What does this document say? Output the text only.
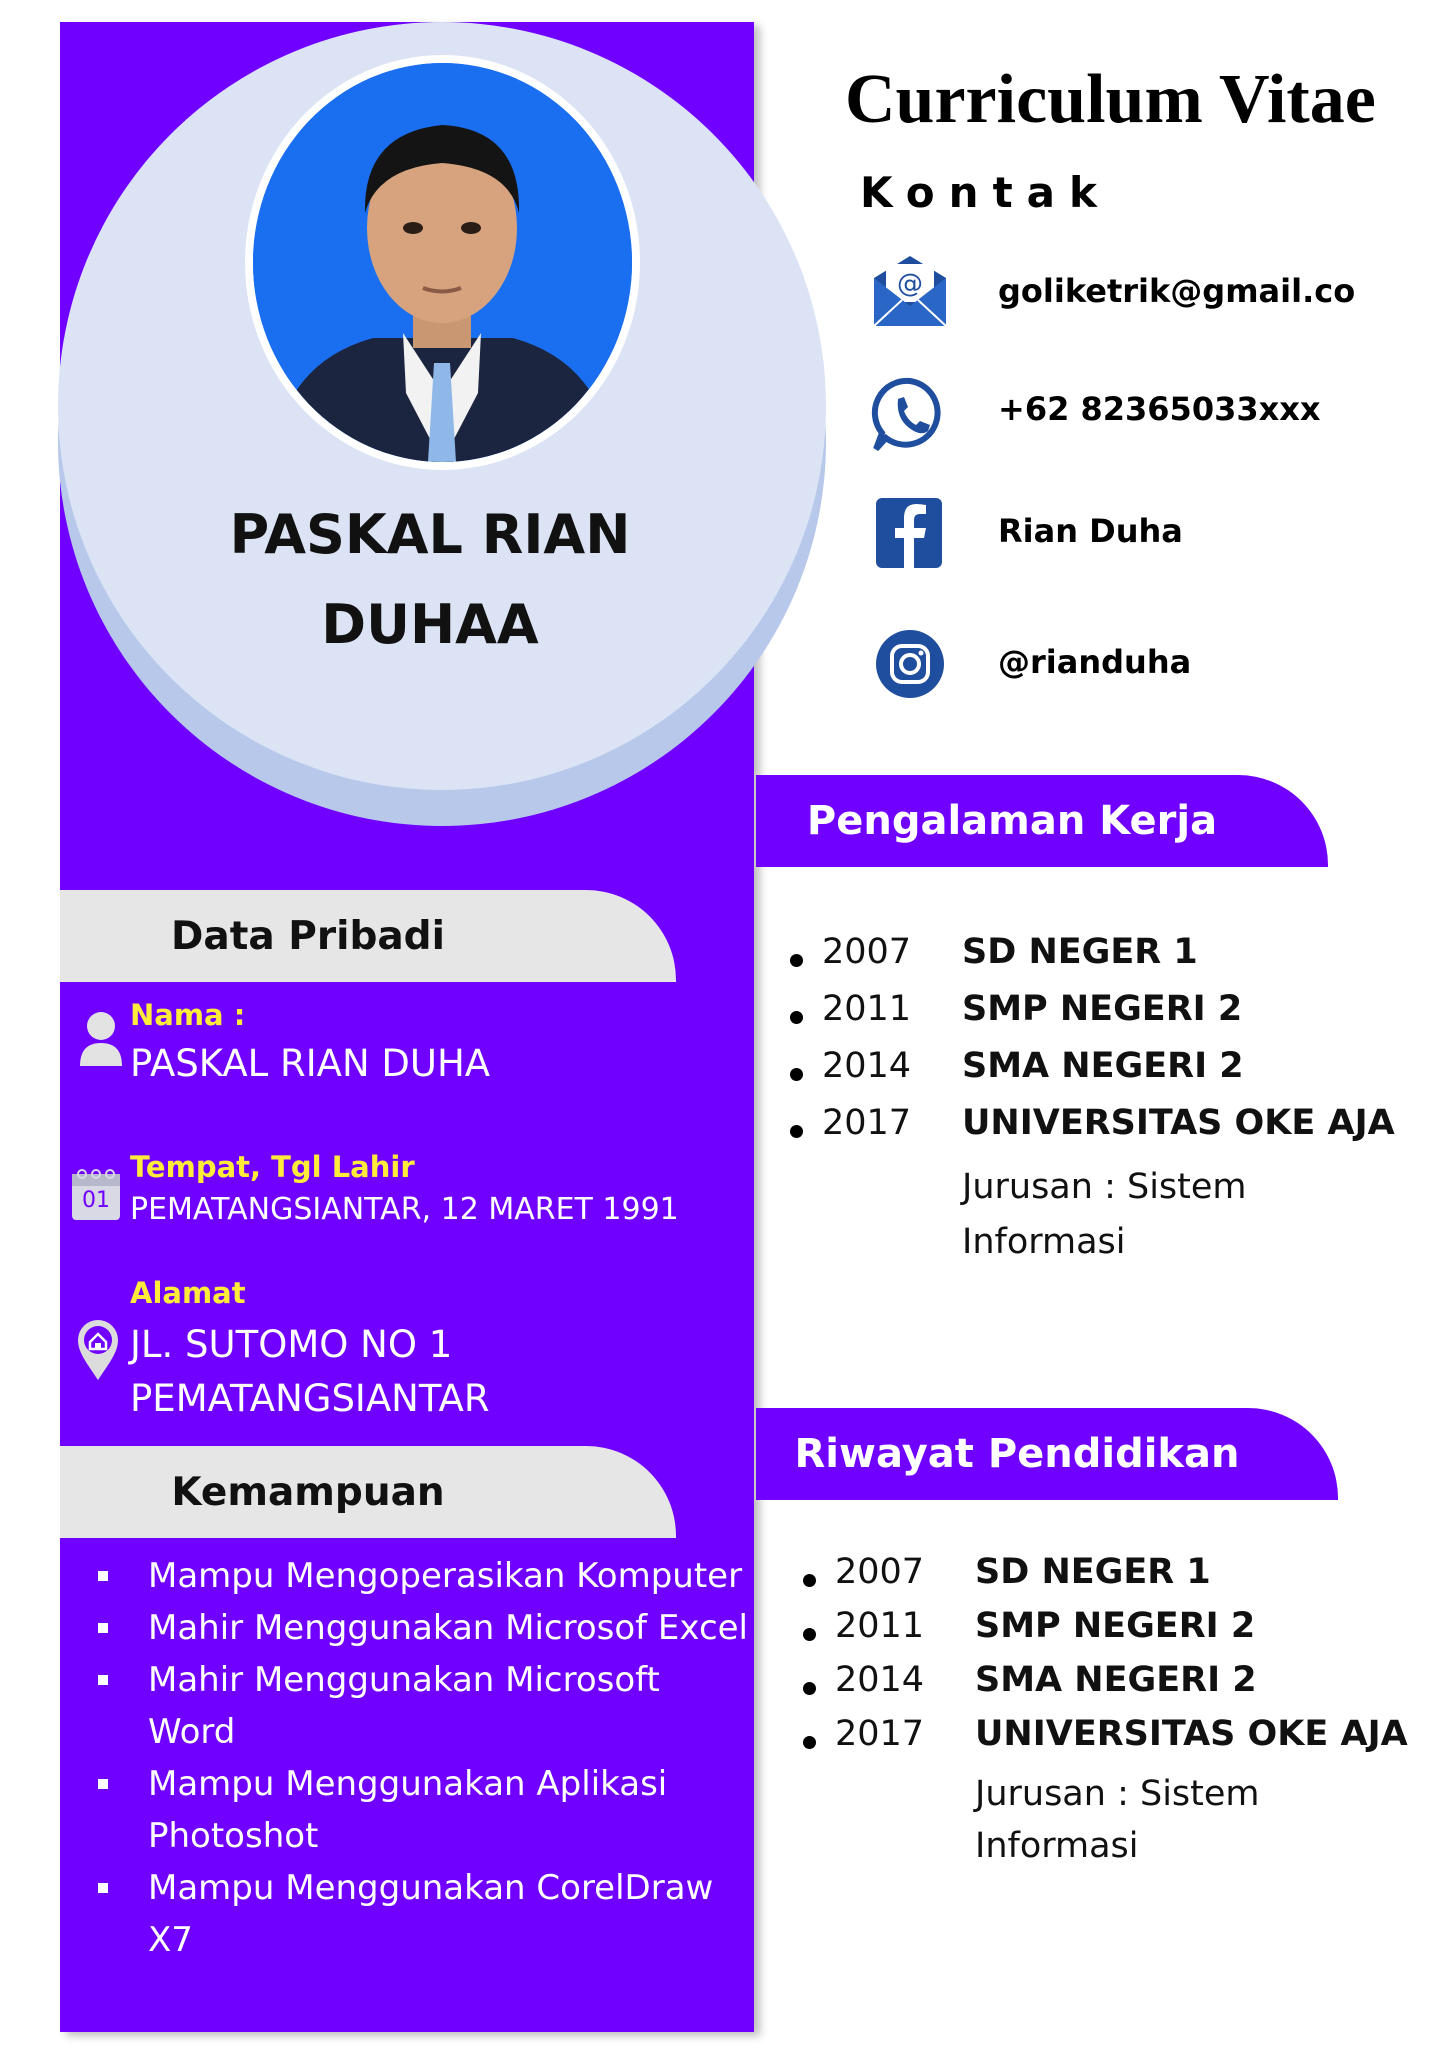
PASKAL RIAN
DUHAA
Data Pribadi
Nama :
PASKAL RIAN DUHA
01
Tempat, Tgl Lahir
PEMATANGSIANTAR, 12 MARET 1991
Alamat
JL. SUTOMO NO 1
PEMATANGSIANTAR
Kemampuan
Mampu Mengoperasikan Komputer
Mahir Menggunakan Microsof Excel
Mahir Menggunakan Microsoft
Word
Mampu Menggunakan Aplikasi
Photoshot
Mampu Menggunakan CorelDraw X7
Curriculum Vitae
Kontak
@ goliketrik@gmail.co
+62 82365033xxx
Rian Duha
@rianduha
Pengalaman Kerja
2007 SD NEGER 1
2011 SMP NEGERI 2
2014 SMA NEGERI 2
2017 UNIVERSITAS OKE AJA
Jurusan : Sistem Informasi
Riwayat Pendidikan
2007 SD NEGER 1
2011 SMP NEGERI 2
2014 SMA NEGERI 2
2017 UNIVERSITAS OKE AJA
Jurusan : Sistem Informasi
